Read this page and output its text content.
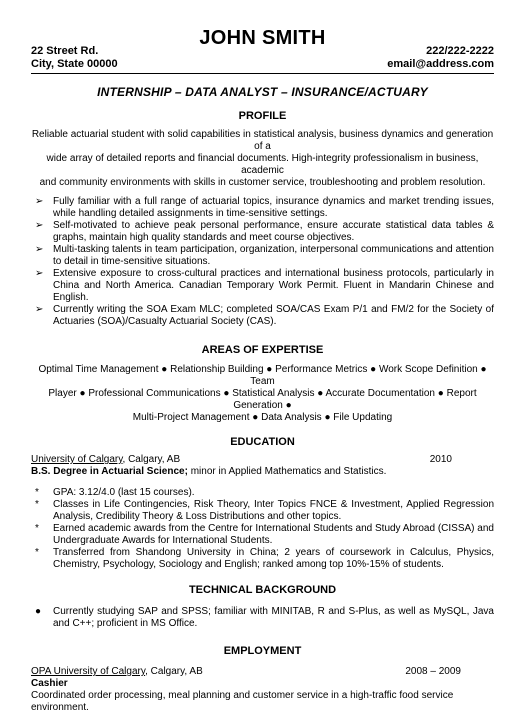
JOHN SMITH
22 Street Rd.
City, State 00000
222/222-2222
email@address.com
INTERNSHIP – DATA ANALYST – INSURANCE/ACTUARY
PROFILE
Reliable actuarial student with solid capabilities in statistical analysis, business dynamics and generation of a
wide array of detailed reports and financial documents. High-integrity professionalism in business, academic
and community environments with skills in customer service, troubleshooting and problem resolution.
➢ Fully familiar with a full range of actuarial topics, insurance dynamics and market trending issues, while handling detailed assignments in time-sensitive settings.
➢ Self-motivated to achieve peak personal performance, ensure accurate statistical data tables & graphs, maintain high quality standards and meet course objectives.
➢ Multi-tasking talents in team participation, organization, interpersonal communications and attention to detail in time-sensitive situations.
➢ Extensive exposure to cross-cultural practices and international business protocols, particularly in China and North America. Canadian Temporary Work Permit. Fluent in Mandarin Chinese and English.
➢ Currently writing the SOA Exam MLC; completed SOA/CAS Exam P/1 and FM/2 for the Society of Actuaries (SOA)/Casualty Actuarial Society (CAS).
AREAS OF EXPERTISE
Optimal Time Management ● Relationship Building ● Performance Metrics ● Work Scope Definition ● Team
Player ● Professional Communications ● Statistical Analysis ● Accurate Documentation ● Report Generation ●
Multi-Project Management ● Data Analysis ● File Updating
EDUCATION
University of Calgary, Calgary, AB	2010
B.S. Degree in Actuarial Science; minor in Applied Mathematics and Statistics.
* GPA: 3.12/4.0 (last 15 courses).
* Classes in Life Contingencies, Risk Theory, Inter Topics FNCE & Investment, Applied Regression Analysis, Credibility Theory & Loss Distributions and other topics.
* Earned academic awards from the Centre for International Students and Study Abroad (CISSA) and Undergraduate Awards for International Students.
* Transferred from Shandong University in China; 2 years of coursework in Calculus, Physics, Chemistry, Psychology, Sociology and English; ranked among top 10%-15% of students.
TECHNICAL BACKGROUND
● Currently studying SAP and SPSS; familiar with MINITAB, R and S-Plus, as well as MySQL, Java and C++; proficient in MS Office.
EMPLOYMENT
OPA University of Calgary, Calgary, AB	2008 – 2009
Cashier
Coordinated order processing, meal planning and customer service in a high-traffic food service environment.
